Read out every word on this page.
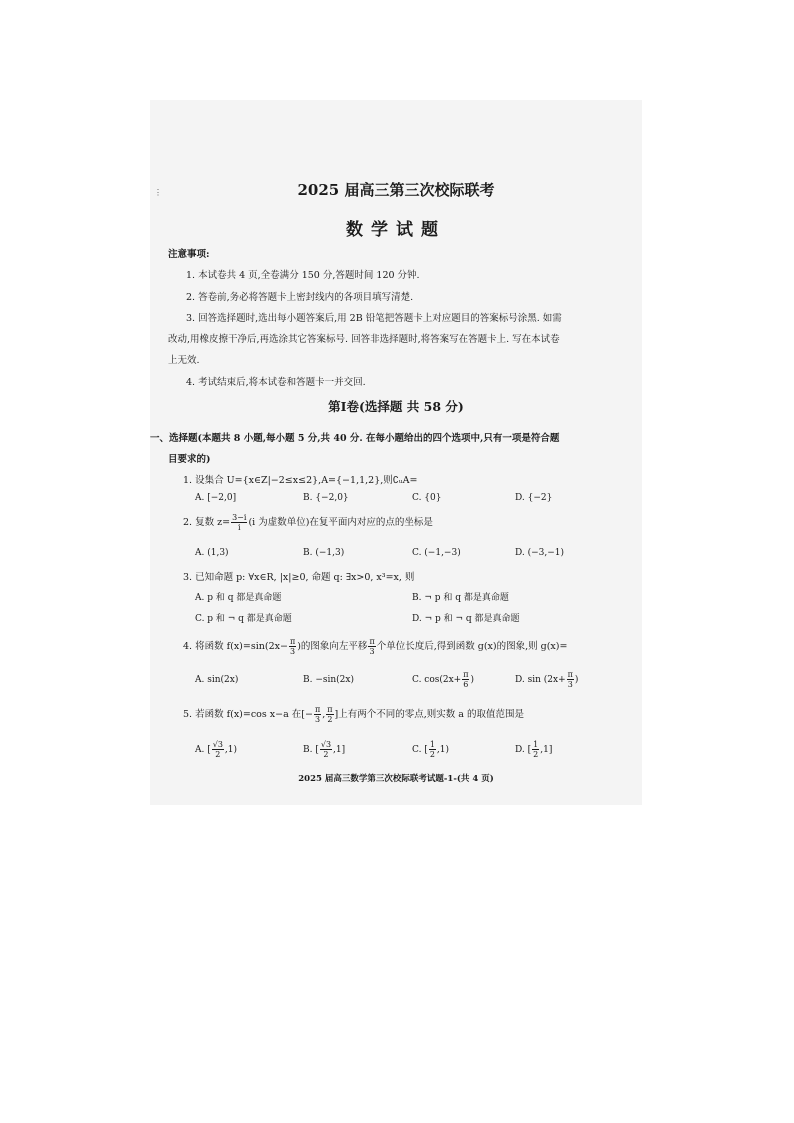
⋮	2025 届高三第三次校际联考
数学试题
注意事项:
1. 本试卷共 4 页,全卷满分 150 分,答题时间 120 分钟.
2. 答卷前,务必将答题卡上密封线内的各项目填写清楚.
3. 回答选择题时,选出每小题答案后,用 2B 铅笔把答题卡上对应题目的答案标号涂黑. 如需
改动,用橡皮擦干净后,再选涂其它答案标号. 回答非选择题时,将答案写在答题卡上. 写在本试卷
上无效.
4. 考试结束后,将本试卷和答题卡一并交回.
第Ⅰ卷(选择题 共 58 分)
一、选择题(本题共 8 小题,每小题 5 分,共 40 分. 在每小题给出的四个选项中,只有一项是符合题
目要求的)
1. 设集合 U={x∈Z|−2≤x≤2},A={−1,1,2},则∁ᵤA=
A. [−2,0]	B. {−2,0}	C. {0}	D. {−2}
2. 复数 $z= \frac{3-i}{i} (i$ 为虚数单位)在复平面内对应的点的坐标是
A. (1,3)	B. (−1,3)	C. (−1,−3)	D. (−3,−1)
3. 已知命题 p: ∀x∈R, |x|≥0, 命题 q: ∃x>0, x³=x, 则
A. p 和 q 都是真命题	B. ¬ p 和 q 都是真命题
C. p 和 ¬ q 都是真命题	D. ¬ p 和 ¬ q 都是真命题
4. 将函数 $f(x)=\sin(2x- \frac{\pi}{3}$ )的图象向左平移 $\frac{\pi}{3}$ 个单位长度后,得到函数 g(x)的图象,则 g(x)=
A. sin(2x)	B. −sin(2x)	C. $\cos(2x+ \frac{\pi}{6}$ )	D. $\sin (2x+ \frac{\pi}{3}$ )
5. 若函数 f(x)=cos x−a 在[− $\frac{\pi}{3}$ , $\frac{\pi}{2}$ ]上有两个不同的零点,则实数 a 的取值范围是
A. [ $\frac{√3}{2} ,1$)	B. [ $\frac{√3}{2} ,1$]	C. [ $\frac{1}{2} ,1$)	D. [ $\frac{1}{2} ,1$]
2025 届高三数学第三次校际联考试题-1-(共 4 页)
